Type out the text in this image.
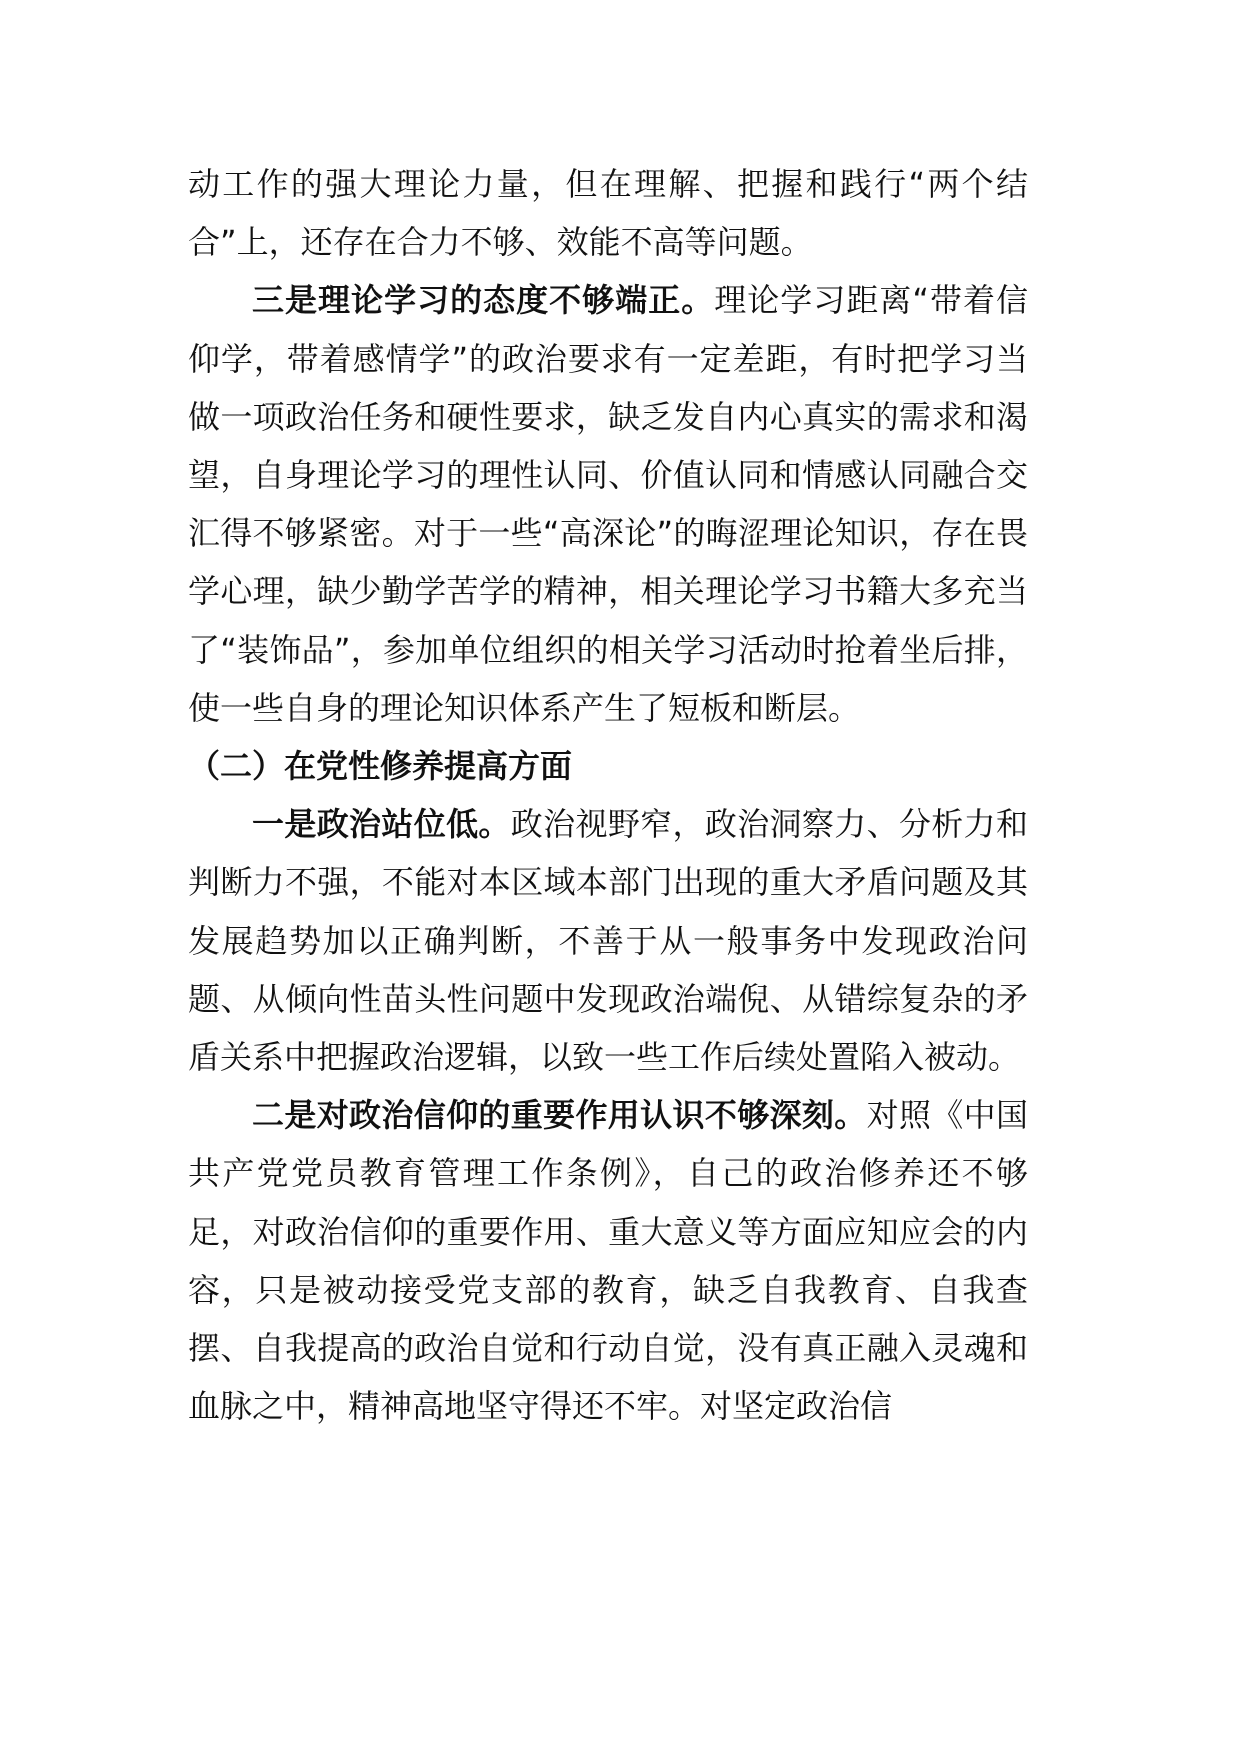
动工作的强大理论力量，但在理解、把握和践行“两个结合”上，还存在合力不够、效能不高等问题。

三是理论学习的态度不够端正。理论学习距离“带着信仰学，带着感情学”的政治要求有一定差距，有时把学习当做一项政治任务和硬性要求，缺乏发自内心真实的需求和渴望，自身理论学习的理性认同、价值认同和情感认同融合交汇得不够紧密。对于一些“高深论”的晦涩理论知识，存在畏学心理，缺少勤学苦学的精神，相关理论学习书籍大多充当了“装饰品”，参加单位组织的相关学习活动时抢着坐后排，使一些自身的理论知识体系产生了短板和断层。

（二）在党性修养提高方面

一是政治站位低。政治视野窄，政治洞察力、分析力和判断力不强，不能对本区域本部门出现的重大矛盾问题及其发展趋势加以正确判断，不善于从一般事务中发现政治问题、从倾向性苗头性问题中发现政治端倪、从错综复杂的矛盾关系中把握政治逻辑，以致一些工作后续处置陷入被动。

二是对政治信仰的重要作用认识不够深刻。对照《中国共产党党员教育管理工作条例》，自己的政治修养还不够足，对政治信仰的重要作用、重大意义等方面应知应会的内容，只是被动接受党支部的教育，缺乏自我教育、自我查摆、自我提高的政治自觉和行动自觉，没有真正融入灵魂和血脉之中，精神高地坚守得还不牢。对坚定政治信
